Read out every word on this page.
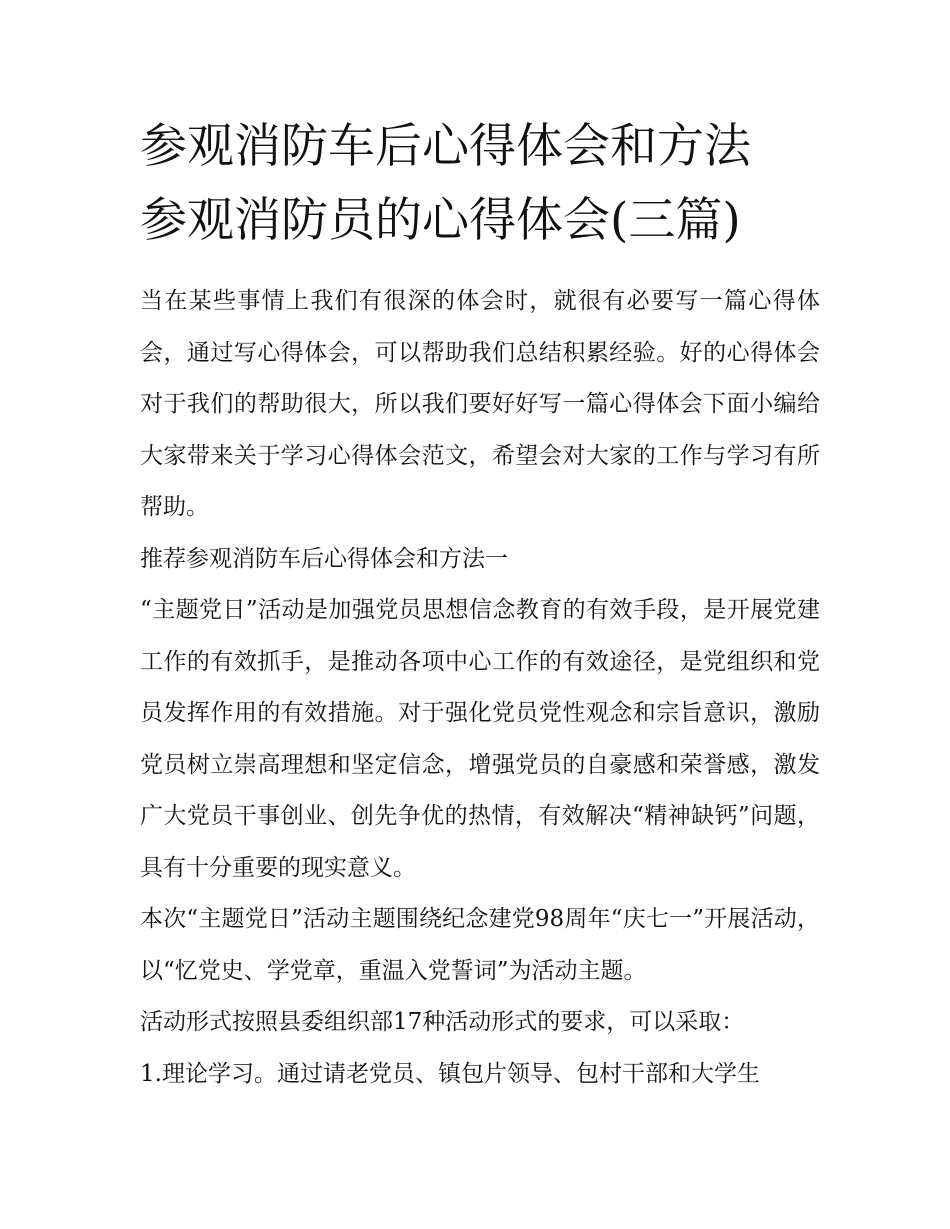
参观消防车后心得体会和方法
参观消防员的心得体会(三篇)

当在某些事情上我们有很深的体会时，就很有必要写一篇心得体会，通过写心得体会，可以帮助我们总结积累经验。好的心得体会对于我们的帮助很大，所以我们要好好写一篇心得体会下面小编给大家带来关于学习心得体会范文，希望会对大家的工作与学习有所帮助。

推荐参观消防车后心得体会和方法一

“主题党日”活动是加强党员思想信念教育的有效手段，是开展党建工作的有效抓手，是推动各项中心工作的有效途径，是党组织和党员发挥作用的有效措施。对于强化党员党性观念和宗旨意识，激励党员树立崇高理想和坚定信念，增强党员的自豪感和荣誉感，激发广大党员干事创业、创先争优的热情，有效解决“精神缺钙”问题，具有十分重要的现实意义。

本次“主题党日”活动主题围绕纪念建党98周年“庆七一”开展活动，以“忆党史、学党章，重温入党誓词”为活动主题。

活动形式按照县委组织部17种活动形式的要求，可以采取：

1.理论学习。通过请老党员、镇包片领导、包村干部和大学生
